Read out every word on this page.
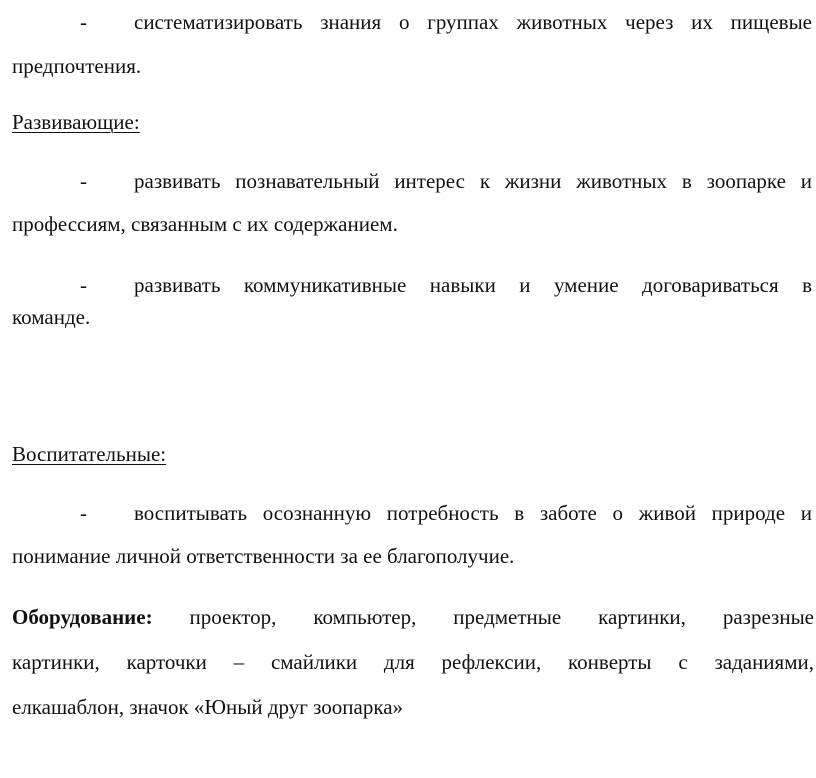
- систематизировать знания о группах животных через их пищевые
предпочтения.
Развивающие:
- развивать познавательный интерес к жизни животных в зоопарке и
профессиям, связанным с их содержанием.
- развивать коммуникативные навыки и умение договариваться в
команде.
Воспитательные:
- воспитывать осознанную потребность в заботе о живой природе и
понимание личной ответственности за ее благополучие.
Оборудование: проектор, компьютер, предметные картинки, разрезные
картинки, карточки – смайлики для рефлексии, конверты с заданиями,
елкашаблон, значок «Юный друг зоопарка»
